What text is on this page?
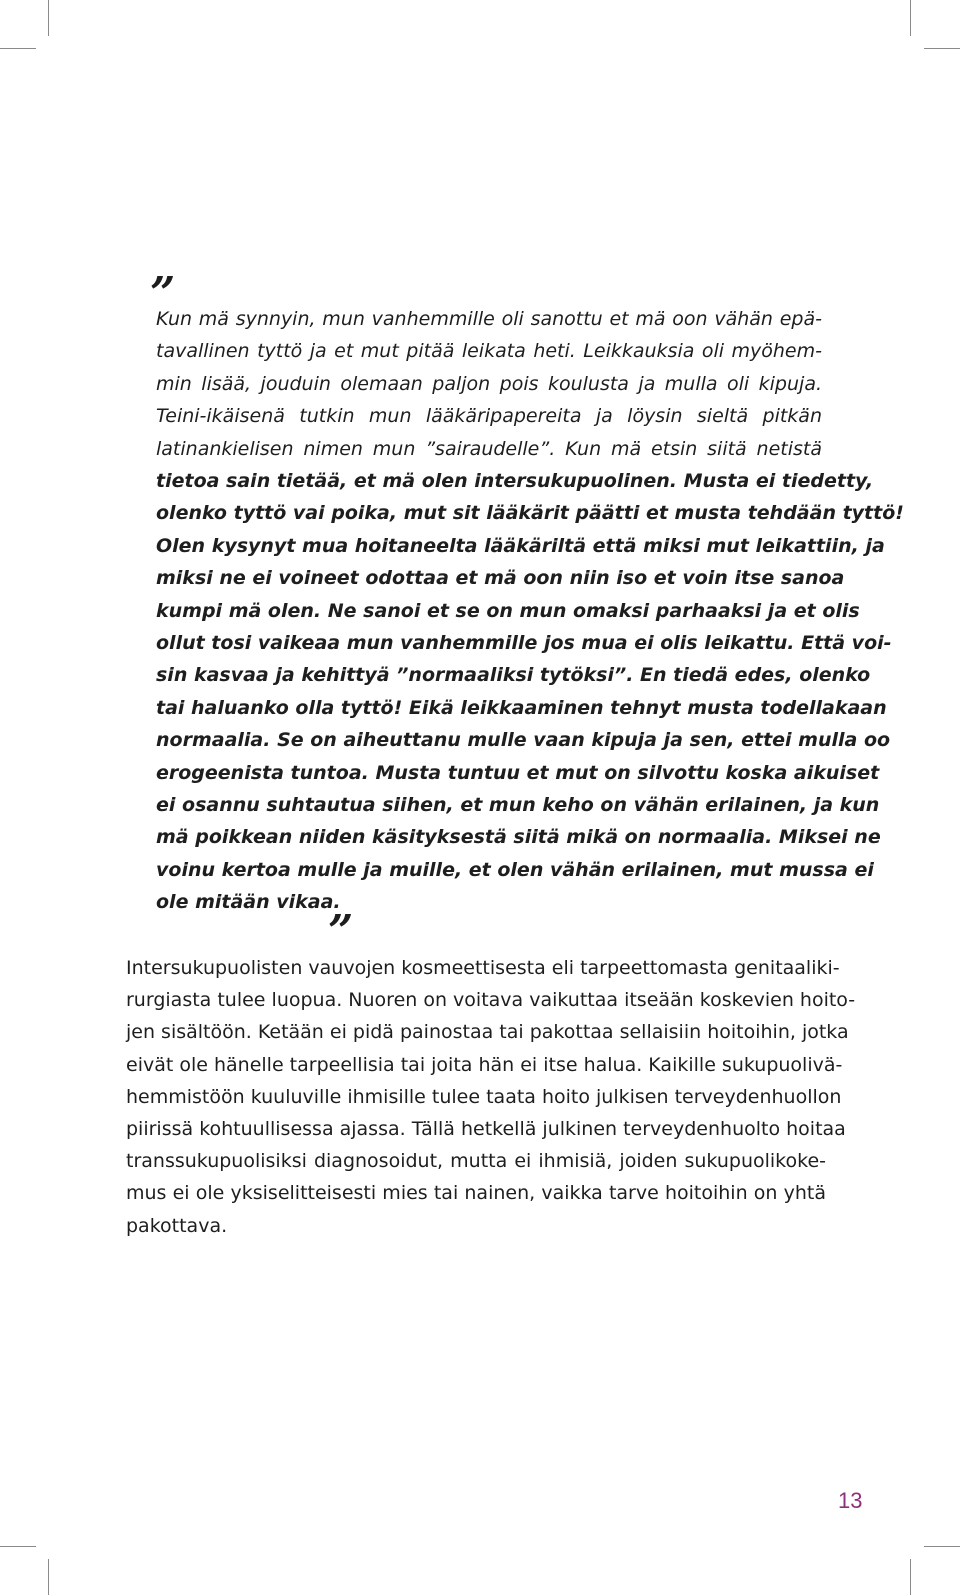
”
Kun mä synnyin, mun vanhemmille oli sanottu et mä oon vähän epä-
tavallinen tyttö ja et mut pitää leikata heti. Leikkauksia oli myöhem-
min lisää, jouduin olemaan paljon pois koulusta ja mulla oli kipuja.
Teini-ikäisenä tutkin mun lääkäripapereita ja löysin sieltä pitkän
latinankielisen nimen mun ”sairaudelle”. Kun mä etsin siitä netistä
tietoa sain tietää, et mä olen intersukupuolinen. Musta ei tiedetty,
olenko tyttö vai poika, mut sit lääkärit päätti et musta tehdään tyttö!
Olen kysynyt mua hoitaneelta lääkäriltä että miksi mut leikattiin, ja
miksi ne ei voineet odottaa et mä oon niin iso et voin itse sanoa
kumpi mä olen. Ne sanoi et se on mun omaksi parhaaksi ja et olis
ollut tosi vaikeaa mun vanhemmille jos mua ei olis leikattu. Että voi-
sin kasvaa ja kehittyä ”normaaliksi tytöksi”. En tiedä edes, olenko
tai haluanko olla tyttö! Eikä leikkaaminen tehnyt musta todellakaan
normaalia. Se on aiheuttanu mulle vaan kipuja ja sen, ettei mulla oo
erogeenista tuntoa. Musta tuntuu et mut on silvottu koska aikuiset
ei osannu suhtautua siihen, et mun keho on vähän erilainen, ja kun
mä poikkean niiden käsityksestä siitä mikä on normaalia. Miksei ne
voinu kertoa mulle ja muille, et olen vähän erilainen, mut mussa ei
ole mitään vikaa.
”
Intersukupuolisten vauvojen kosmeettisesta eli tarpeettomasta genitaaliki-
rurgiasta tulee luopua. Nuoren on voitava vaikuttaa itseään koskevien hoito-
jen sisältöön. Ketään ei pidä painostaa tai pakottaa sellaisiin hoitoihin, jotka
eivät ole hänelle tarpeellisia tai joita hän ei itse halua. Kaikille sukupuolivä-
hemmistöön kuuluville ihmisille tulee taata hoito julkisen terveydenhuollon
piirissä kohtuullisessa ajassa. Tällä hetkellä julkinen terveydenhuolto hoitaa
transsukupuolisiksi diagnosoidut, mutta ei ihmisiä, joiden sukupuolikoke-
mus ei ole yksiselitteisesti mies tai nainen, vaikka tarve hoitoihin on yhtä
pakottava.
13
